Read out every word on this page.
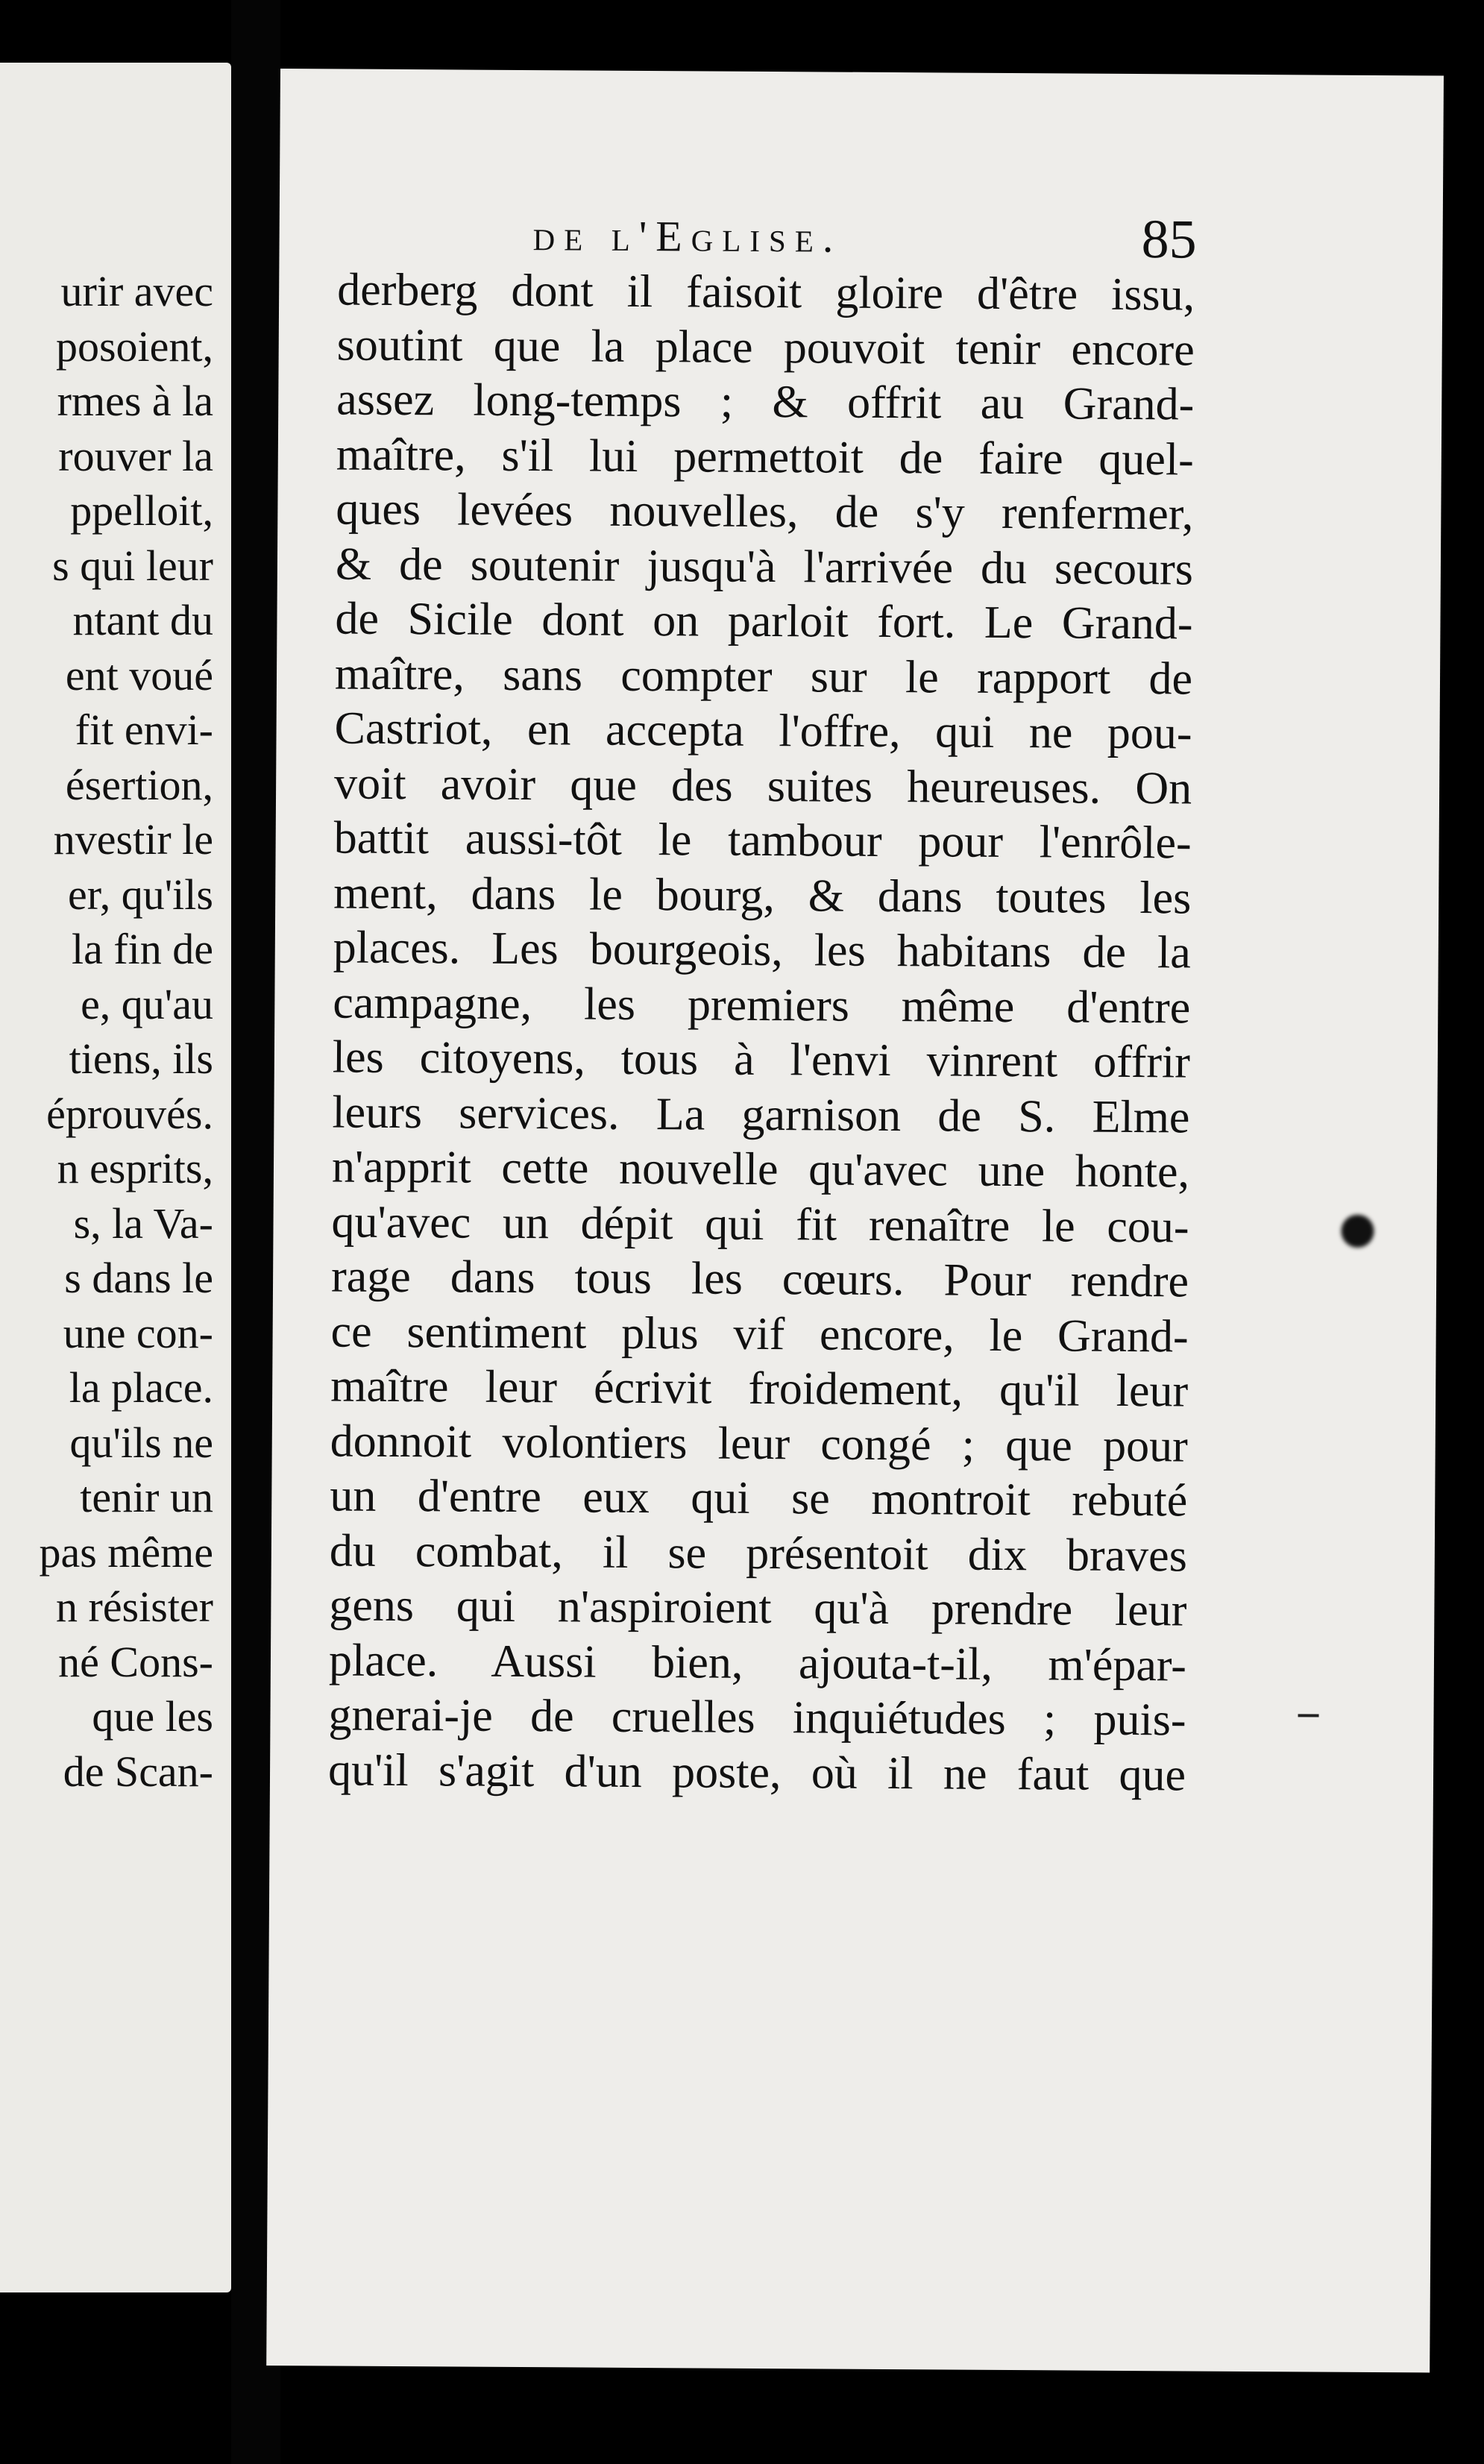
urir avec
posoient,
rmes à la
rouver la
ppelloit,
s qui leur
ntant du
ent voué
fit envi-
ésertion,
nvestir le
er, qu'ils
la fin de
e, qu'au
tiens, ils
éprouvés.
n esprits,
s, la Va-
s dans le
une con-
la place.
qu'ils ne
tenir un
pas même
n résister
né Cons-
que les
de Scan-
de l'Eglise.	85
derberg dont il faisoit gloire d'être issu,
soutint que la place pouvoit tenir encore
assez long-temps ; & offrit au Grand-
maître, s'il lui permettoit de faire quel-
ques levées nouvelles, de s'y renfermer,
& de soutenir jusqu'à l'arrivée du secours
de Sicile dont on parloit fort. Le Grand-
maître, sans compter sur le rapport de
Castriot, en accepta l'offre, qui ne pou-
voit avoir que des suites heureuses. On
battit aussi-tôt le tambour pour l'enrôle-
ment, dans le bourg, & dans toutes les
places. Les bourgeois, les habitans de la
campagne, les premiers même d'entre
les citoyens, tous à l'envi vinrent offrir
leurs services. La garnison de S. Elme
n'apprit cette nouvelle qu'avec une honte,
qu'avec un dépit qui fit renaître le cou-
rage dans tous les cœurs. Pour rendre
ce sentiment plus vif encore, le Grand-
maître leur écrivit froidement, qu'il leur
donnoit volontiers leur congé ; que pour
un d'entre eux qui se montroit rebuté
du combat, il se présentoit dix braves
gens qui n'aspiroient qu'à prendre leur
place. Aussi bien, ajouta-t-il, m'épar-
gnerai-je de cruelles inquiétudes ; puis-
qu'il s'agit d'un poste, où il ne faut que
